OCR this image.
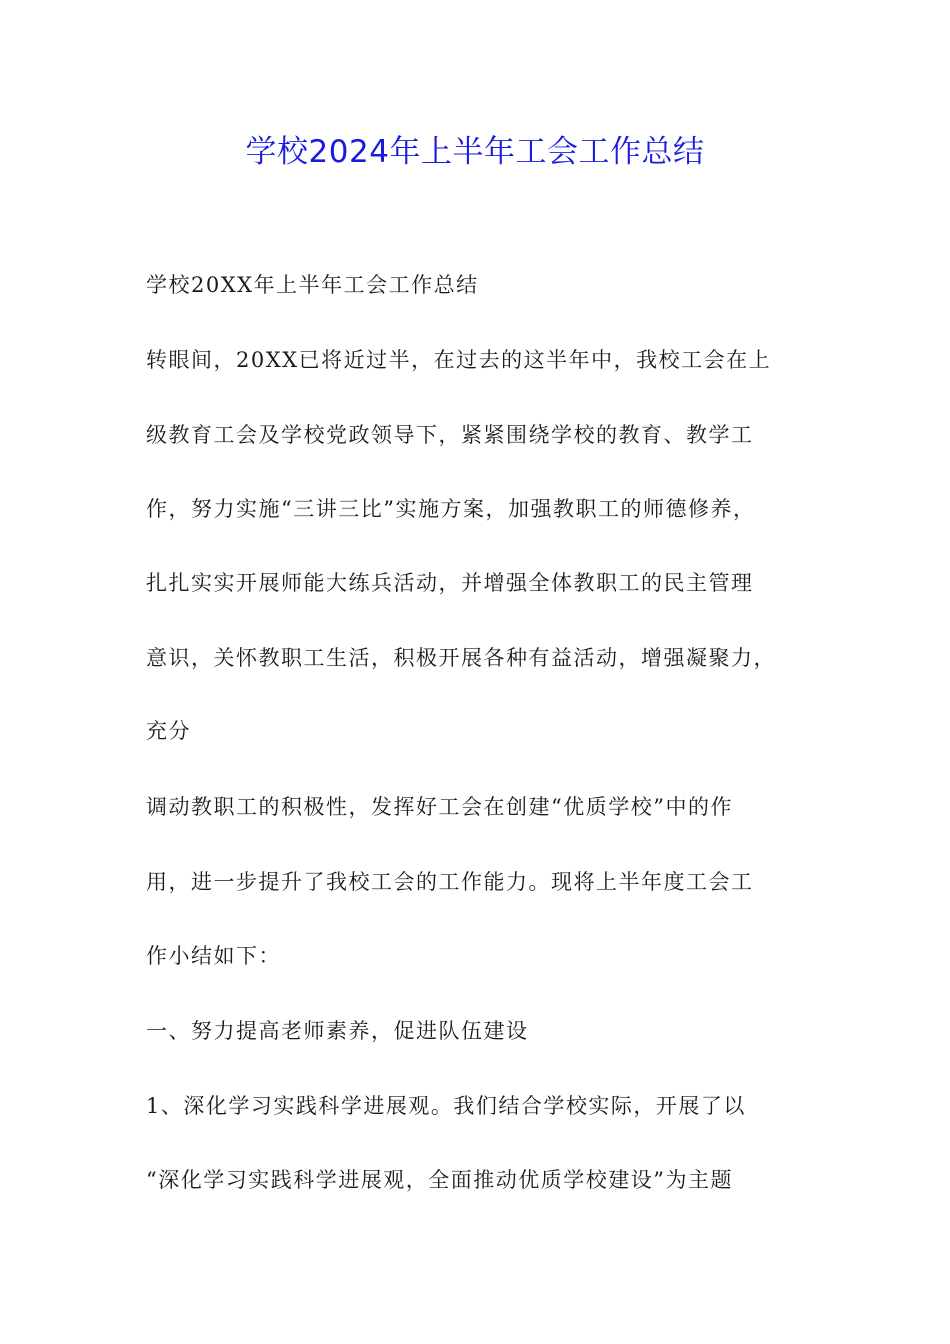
学校2024年上半年工会工作总结
学校20XX年上半年工会工作总结
转眼间，20XX已将近过半，在过去的这半年中，我校工会在上
级教育工会及学校党政领导下，紧紧围绕学校的教育、教学工
作，努力实施“三讲三比”实施方案，加强教职工的师德修养，
扎扎实实开展师能大练兵活动，并增强全体教职工的民主管理
意识，关怀教职工生活，积极开展各种有益活动，增强凝聚力，
充分
调动教职工的积极性，发挥好工会在创建“优质学校”中的作
用，进一步提升了我校工会的工作能力。现将上半年度工会工
作小结如下：
一、努力提高老师素养，促进队伍建设
1、深化学习实践科学进展观。我们结合学校实际，开展了以
“深化学习实践科学进展观，全面推动优质学校建设”为主题
